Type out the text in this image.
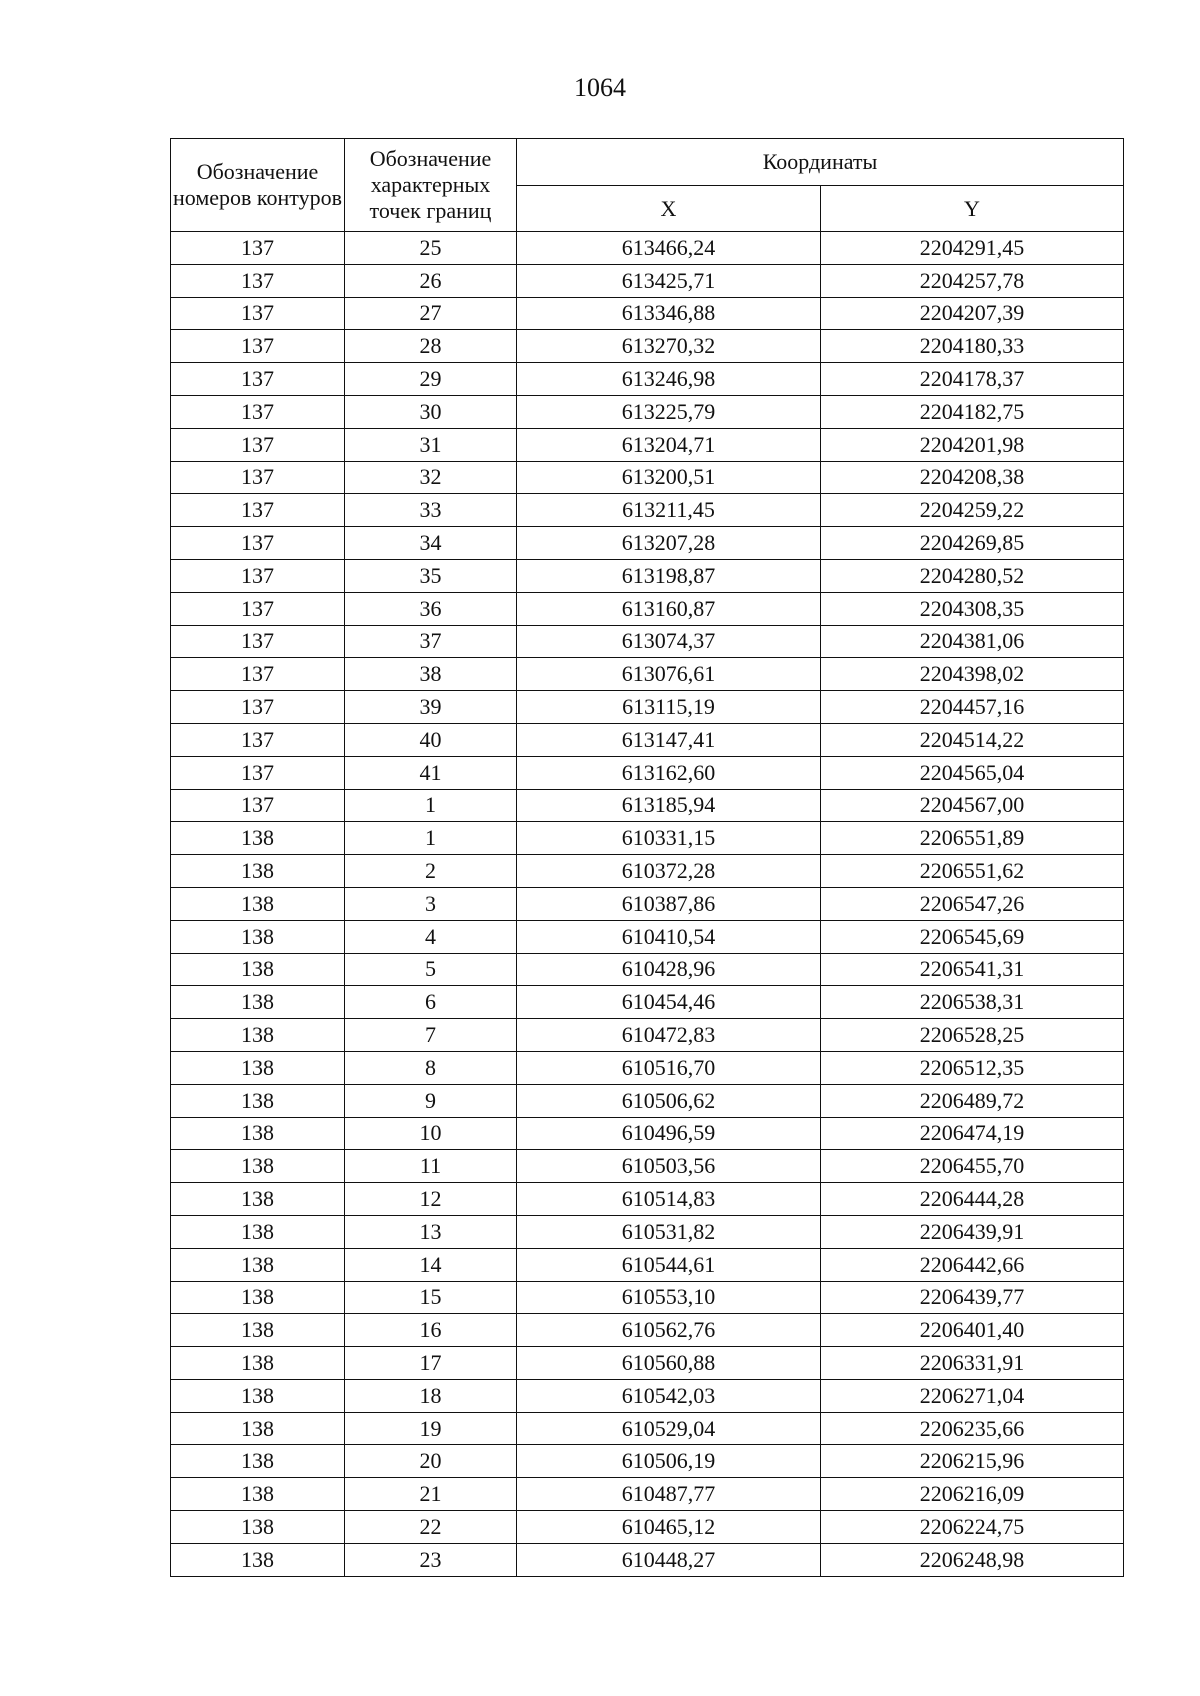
1064
Обозначение номеров контуров	Обозначение характерных точек границ	Координаты	
		X	Y
137	25	613466,24	2204291,45
137	26	613425,71	2204257,78
137	27	613346,88	2204207,39
137	28	613270,32	2204180,33
137	29	613246,98	2204178,37
137	30	613225,79	2204182,75
137	31	613204,71	2204201,98
137	32	613200,51	2204208,38
137	33	613211,45	2204259,22
137	34	613207,28	2204269,85
137	35	613198,87	2204280,52
137	36	613160,87	2204308,35
137	37	613074,37	2204381,06
137	38	613076,61	2204398,02
137	39	613115,19	2204457,16
137	40	613147,41	2204514,22
137	41	613162,60	2204565,04
137	1	613185,94	2204567,00
138	1	610331,15	2206551,89
138	2	610372,28	2206551,62
138	3	610387,86	2206547,26
138	4	610410,54	2206545,69
138	5	610428,96	2206541,31
138	6	610454,46	2206538,31
138	7	610472,83	2206528,25
138	8	610516,70	2206512,35
138	9	610506,62	2206489,72
138	10	610496,59	2206474,19
138	11	610503,56	2206455,70
138	12	610514,83	2206444,28
138	13	610531,82	2206439,91
138	14	610544,61	2206442,66
138	15	610553,10	2206439,77
138	16	610562,76	2206401,40
138	17	610560,88	2206331,91
138	18	610542,03	2206271,04
138	19	610529,04	2206235,66
138	20	610506,19	2206215,96
138	21	610487,77	2206216,09
138	22	610465,12	2206224,75
138	23	610448,27	2206248,98
